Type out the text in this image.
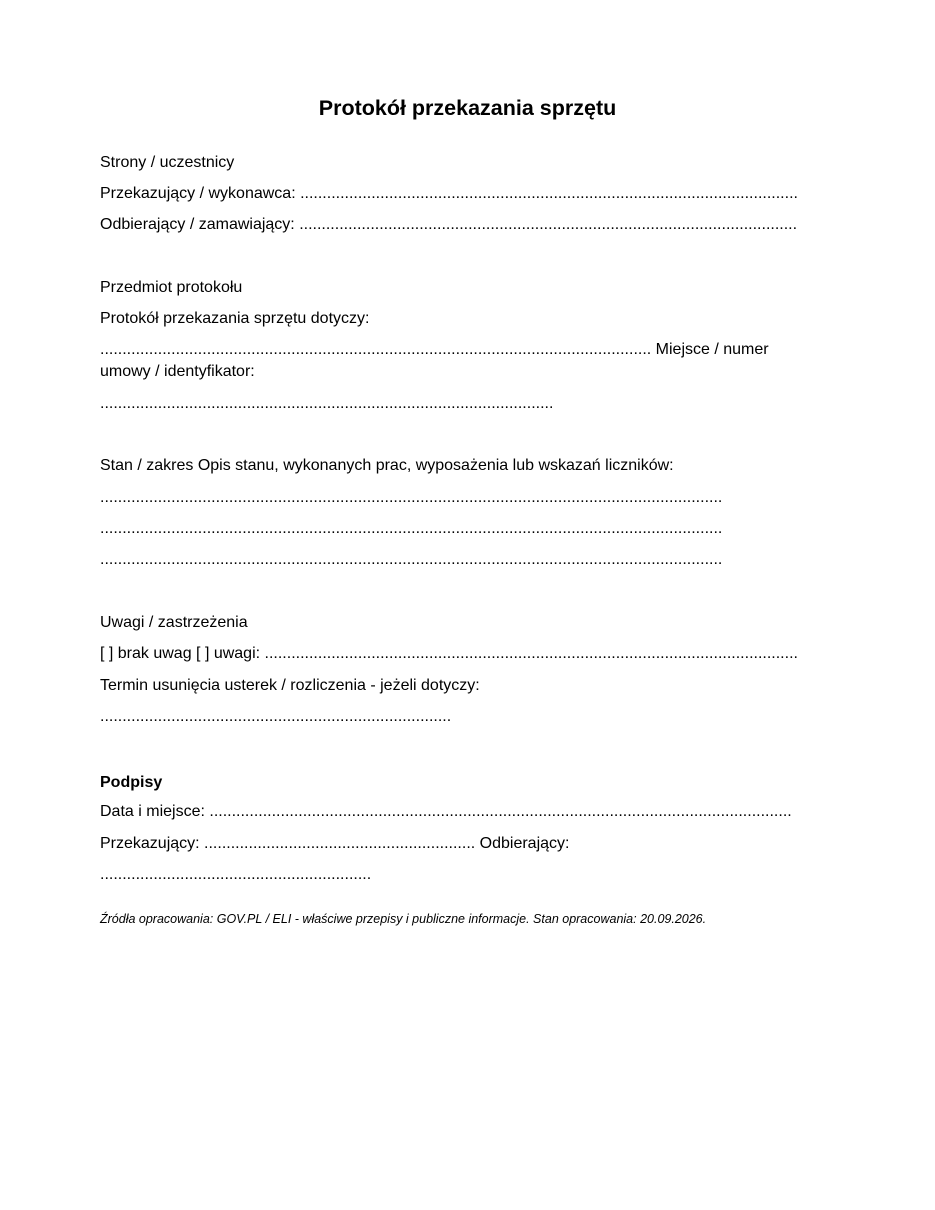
Protokół przekazania sprzętu

Strony / uczestnicy

Przekazujący / wykonawca: ................................................................................................................

Odbierający / zamawiający: ................................................................................................................

Przedmiot protokołu

Protokół przekazania sprzętu dotyczy:

............................................................................................................................ Miejsce / numer umowy / identyfikator:

......................................................................................................

Stan / zakres Opis stanu, wykonanych prac, wyposażenia lub wskazań liczników:

............................................................................................................................................

............................................................................................................................................

............................................................................................................................................

Uwagi / zastrzeżenia

[ ] brak uwag [ ] uwagi: ........................................................................................................................

Termin usunięcia usterek / rozliczenia - jeżeli dotyczy:

...............................................................................

Podpisy

Data i miejsce: ...................................................................................................................................

Przekazujący: ............................................................. Odbierający:

.............................................................

Źródła opracowania: GOV.PL / ELI - właściwe przepisy i publiczne informacje. Stan opracowania: 20.09.2026.
